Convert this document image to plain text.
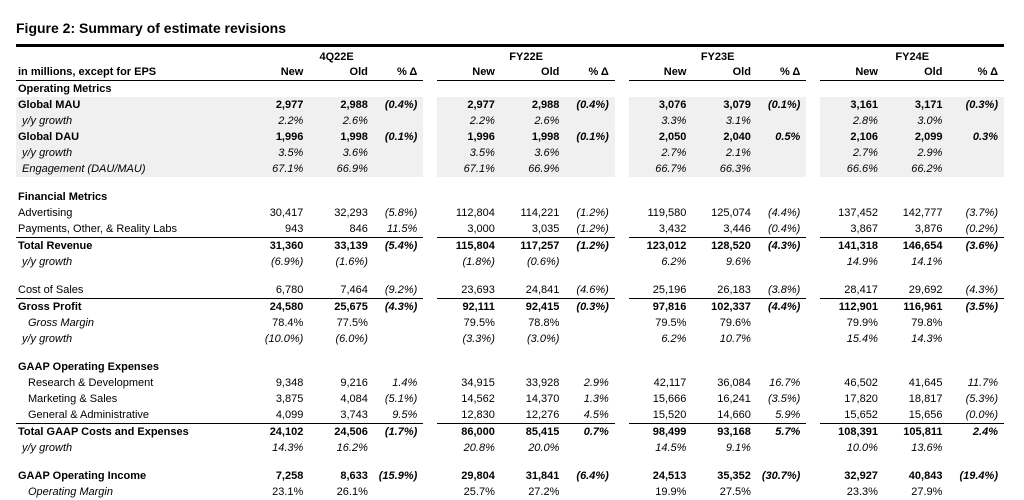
Figure 2: Summary of estimate revisions
	4Q22E				FY22E				FY23E				FY24E		
in millions, except for EPS	New	Old	% Δ		New	Old	% Δ		New	Old	% Δ		New	Old	% Δ
Operating Metrics															
Global MAU	2,977	2,988	(0.4%)		2,977	2,988	(0.4%)		3,076	3,079	(0.1%)		3,161	3,171	(0.3%)
y/y growth	2.2%	2.6%			2.2%	2.6%			3.3%	3.1%			2.8%	3.0%	
Global DAU	1,996	1,998	(0.1%)		1,996	1,998	(0.1%)		2,050	2,040	0.5%		2,106	2,099	0.3%
y/y growth	3.5%	3.6%			3.5%	3.6%			2.7%	2.1%			2.7%	2.9%	
Engagement (DAU/MAU)	67.1%	66.9%			67.1%	66.9%			66.7%	66.3%			66.6%	66.2%	

Financial Metrics															
Advertising	30,417	32,293	(5.8%)		112,804	114,221	(1.2%)		119,580	125,074	(4.4%)		137,452	142,777	(3.7%)
Payments, Other, & Reality Labs	943	846	11.5%		3,000	3,035	(1.2%)		3,432	3,446	(0.4%)		3,867	3,876	(0.2%)
Total Revenue	31,360	33,139	(5.4%)		115,804	117,257	(1.2%)		123,012	128,520	(4.3%)		141,318	146,654	(3.6%)
y/y growth	(6.9%)	(1.6%)			(1.8%)	(0.6%)			6.2%	9.6%			14.9%	14.1%	

Cost of Sales	6,780	7,464	(9.2%)		23,693	24,841	(4.6%)		25,196	26,183	(3.8%)		28,417	29,692	(4.3%)
Gross Profit	24,580	25,675	(4.3%)		92,111	92,415	(0.3%)		97,816	102,337	(4.4%)		112,901	116,961	(3.5%)
Gross Margin	78.4%	77.5%			79.5%	78.8%			79.5%	79.6%			79.9%	79.8%	
y/y growth	(10.0%)	(6.0%)			(3.3%)	(3.0%)			6.2%	10.7%			15.4%	14.3%	

GAAP Operating Expenses															
Research & Development	9,348	9,216	1.4%		34,915	33,928	2.9%		42,117	36,084	16.7%		46,502	41,645	11.7%
Marketing & Sales	3,875	4,084	(5.1%)		14,562	14,370	1.3%		15,666	16,241	(3.5%)		17,820	18,817	(5.3%)
General & Administrative	4,099	3,743	9.5%		12,830	12,276	4.5%		15,520	14,660	5.9%		15,652	15,656	(0.0%)
Total GAAP Costs and Expenses	24,102	24,506	(1.7%)		86,000	85,415	0.7%		98,499	93,168	5.7%		108,391	105,811	2.4%
y/y growth	14.3%	16.2%			20.8%	20.0%			14.5%	9.1%			10.0%	13.6%	

GAAP Operating Income	7,258	8,633	(15.9%)		29,804	31,841	(6.4%)		24,513	35,352	(30.7%)		32,927	40,843	(19.4%)
Operating Margin	23.1%	26.1%			25.7%	27.2%			19.9%	27.5%			23.3%	27.9%	
